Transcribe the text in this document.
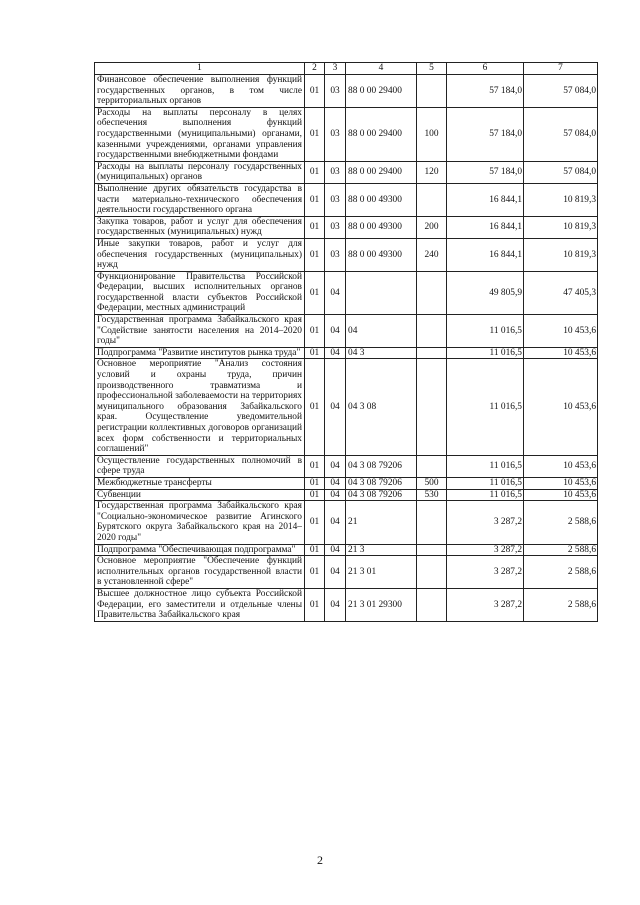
1	2	3	4	5	6	7
Финансовое обеспечение выполнения функций государственных органов, в том числе территориальных органов	01	03	88 0 00 29400		57 184,0	57 084,0
Расходы на выплаты персоналу в целях обеспечения выполнения функций государственными (муниципальными) органами, казенными учреждениями, органами управления государственными внебюджетными фондами	01	03	88 0 00 29400	100	57 184,0	57 084,0
Расходы на выплаты персоналу государственных (муниципальных) органов	01	03	88 0 00 29400	120	57 184,0	57 084,0
Выполнение других обязательств государства в части материально-технического обеспечения деятельности государственного органа	01	03	88 0 00 49300		16 844,1	10 819,3
Закупка товаров, работ и услуг для обеспечения государственных (муниципальных) нужд	01	03	88 0 00 49300	200	16 844,1	10 819,3
Иные закупки товаров, работ и услуг для обеспечения государственных (муниципальных) нужд	01	03	88 0 00 49300	240	16 844,1	10 819,3
Функционирование Правительства Российской Федерации, высших исполнительных органов государственной власти субъектов Российской Федерации, местных администраций	01	04			49 805,9	47 405,3
Государственная программа Забайкальского края "Содействие занятости населения на 2014–2020 годы"	01	04	04		11 016,5	10 453,6
Подпрограмма "Развитие институтов рынка труда"	01	04	04 3		11 016,5	10 453,6
Основное мероприятие "Анализ состояния условий и охраны труда, причин производственного травматизма и профессиональной заболеваемости на территориях муниципального образования Забайкальского края. Осуществление уведомительной регистрации коллективных договоров организаций всех форм собственности и территориальных соглашений"	01	04	04 3 08		11 016,5	10 453,6
Осуществление государственных полномочий в сфере труда	01	04	04 3 08 79206		11 016,5	10 453,6
Межбюджетные трансферты	01	04	04 3 08 79206	500	11 016,5	10 453,6
Субвенции	01	04	04 3 08 79206	530	11 016,5	10 453,6
Государственная программа Забайкальского края "Социально-экономическое развитие Агинского Бурятского округа Забайкальского края на 2014–2020 годы"	01	04	21		3 287,2	2 588,6
Подпрограмма "Обеспечивающая подпрограмма"	01	04	21 3		3 287,2	2 588,6
Основное мероприятие "Обеспечение функций исполнительных органов государственной власти в установленной сфере"	01	04	21 3 01		3 287,2	2 588,6
Высшее должностное лицо субъекта Российской Федерации, его заместители и отдельные члены Правительства Забайкальского края	01	04	21 3 01 29300		3 287,2	2 588,6
2
